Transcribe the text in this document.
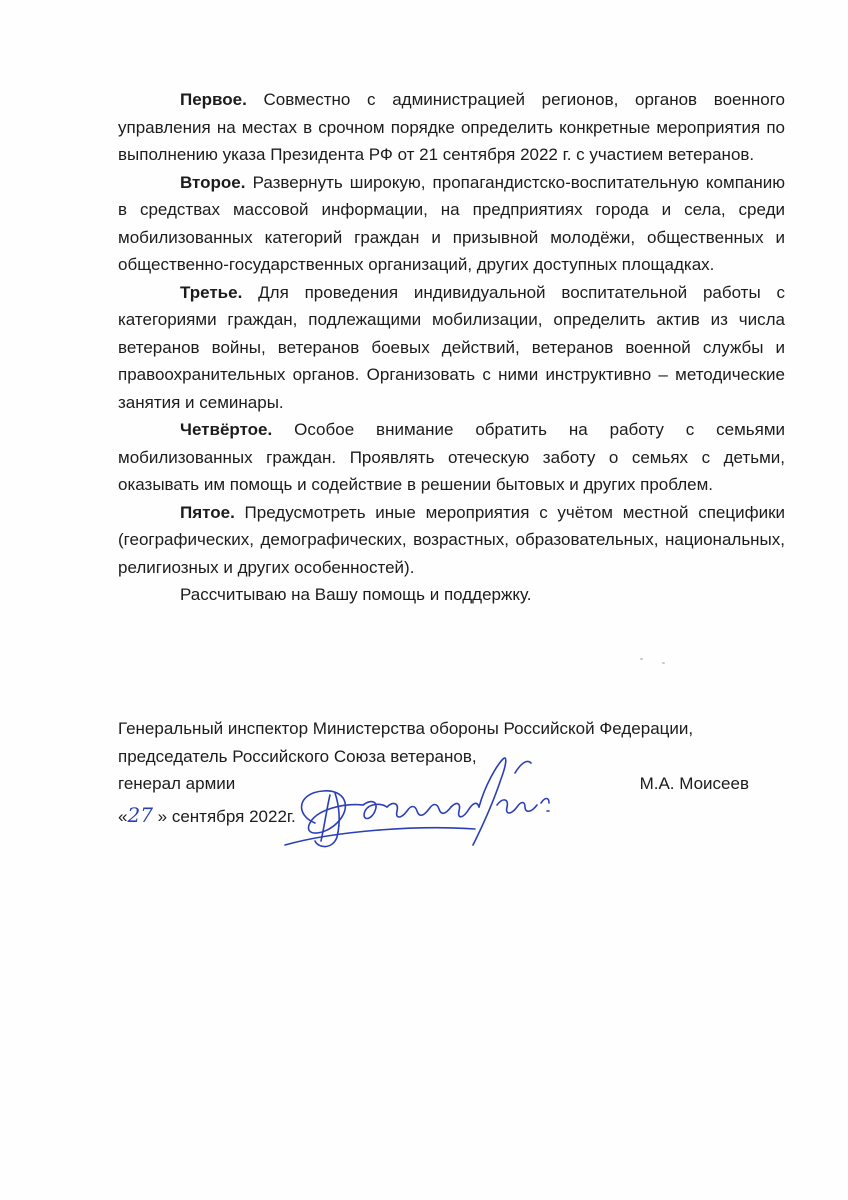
Первое. Совместно с администрацией регионов, органов военного управления на местах в срочном порядке определить конкретные мероприятия по выполнению указа Президента РФ от 21 сентября 2022 г. с участием ветеранов.

Второе. Развернуть широкую, пропагандистско-воспитательную компанию в средствах массовой информации, на предприятиях города и села, среди мобилизованных категорий граждан и призывной молодёжи, общественных и общественно-государственных организаций, других доступных площадках.

Третье. Для проведения индивидуальной воспитательной работы с категориями граждан, подлежащими мобилизации, определить актив из числа ветеранов войны, ветеранов боевых действий, ветеранов военной службы и правоохранительных органов. Организовать с ними инструктивно – методические занятия и семинары.

Четвёртое. Особое внимание обратить на работу с семьями мобилизованных граждан. Проявлять отеческую заботу о семьях с детьми, оказывать им помощь и содействие в решении бытовых и других проблем.

Пятое. Предусмотреть иные мероприятия с учётом местной специфики (географических, демографических, возрастных, образовательных, национальных, религиозных и других особенностей).

Рассчитываю на Вашу помощь и поддержку.

Генеральный инспектор Министерства обороны Российской Федерации,

председатель Российского Союза ветеранов,

генерал армии	М.А. Моисеев
«27 » сентября 2022г.
